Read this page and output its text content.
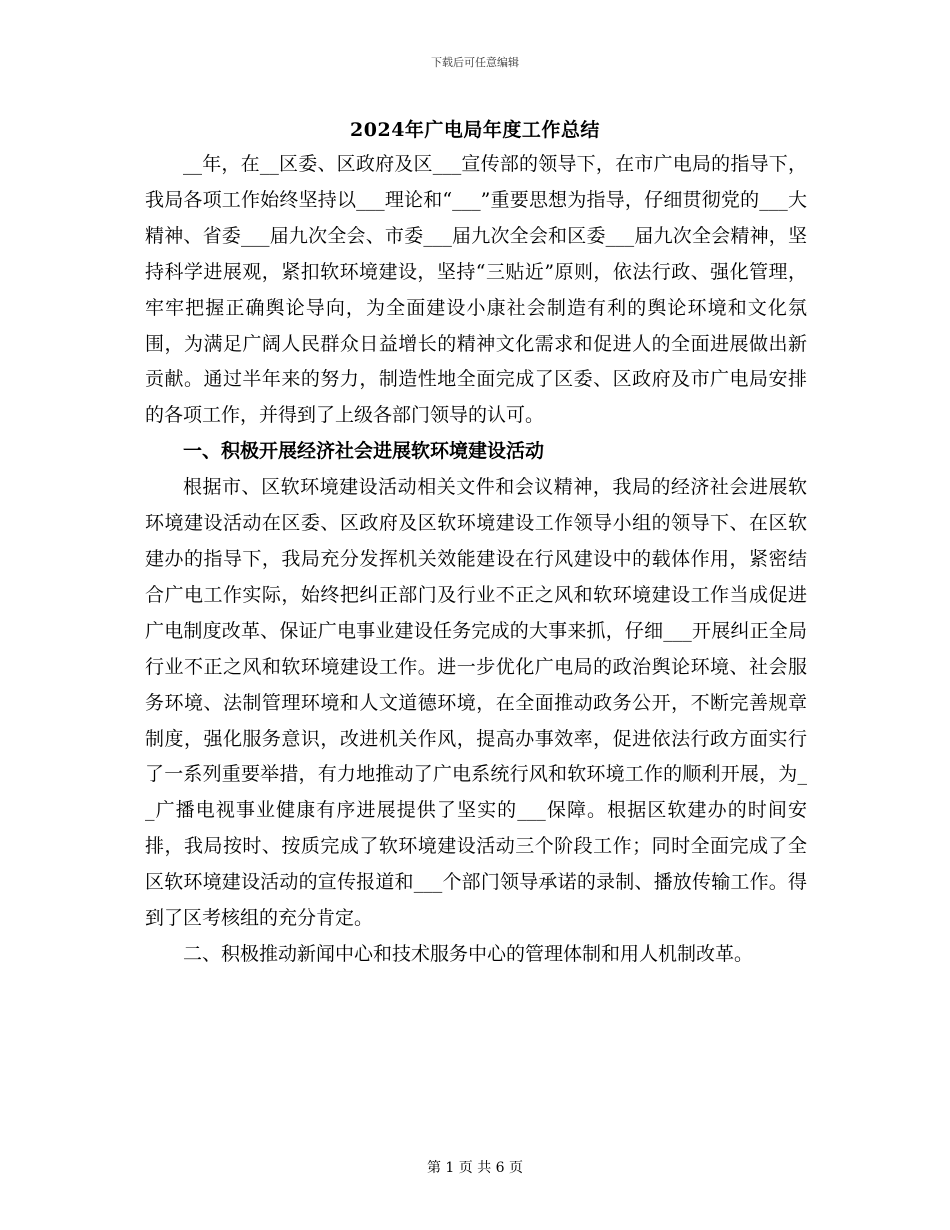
下载后可任意编辑
2024年广电局年度工作总结

__年，在__区委、区政府及区___宣传部的领导下，在市广电局的指导下，我局各项工作始终坚持以___理论和“___”重要思想为指导，仔细贯彻党的___大精神、省委___届九次全会、市委___届九次全会和区委___届九次全会精神，坚持科学进展观，紧扣软环境建设，坚持“三贴近”原则，依法行政、强化管理，牢牢把握正确舆论导向，为全面建设小康社会制造有利的舆论环境和文化氛围，为满足广阔人民群众日益增长的精神文化需求和促进人的全面进展做出新贡献。通过半年来的努力，制造性地全面完成了区委、区政府及市广电局安排的各项工作，并得到了上级各部门领导的认可。

一、积极开展经济社会进展软环境建设活动

根据市、区软环境建设活动相关文件和会议精神，我局的经济社会进展软环境建设活动在区委、区政府及区软环境建设工作领导小组的领导下、在区软建办的指导下，我局充分发挥机关效能建设在行风建设中的载体作用，紧密结合广电工作实际，始终把纠正部门及行业不正之风和软环境建设工作当成促进广电制度改革、保证广电事业建设任务完成的大事来抓，仔细___开展纠正全局行业不正之风和软环境建设工作。进一步优化广电局的政治舆论环境、社会服务环境、法制管理环境和人文道德环境，在全面推动政务公开，不断完善规章制度，强化服务意识，改进机关作风，提高办事效率，促进依法行政方面实行了一系列重要举措，有力地推动了广电系统行风和软环境工作的顺利开展，为__广播电视事业健康有序进展提供了坚实的___保障。根据区软建办的时间安排，我局按时、按质完成了软环境建设活动三个阶段工作；同时全面完成了全区软环境建设活动的宣传报道和___个部门领导承诺的录制、播放传输工作。得到了区考核组的充分肯定。

二、积极推动新闻中心和技术服务中心的管理体制和用人机制改革。

第 1 页 共 6 页
